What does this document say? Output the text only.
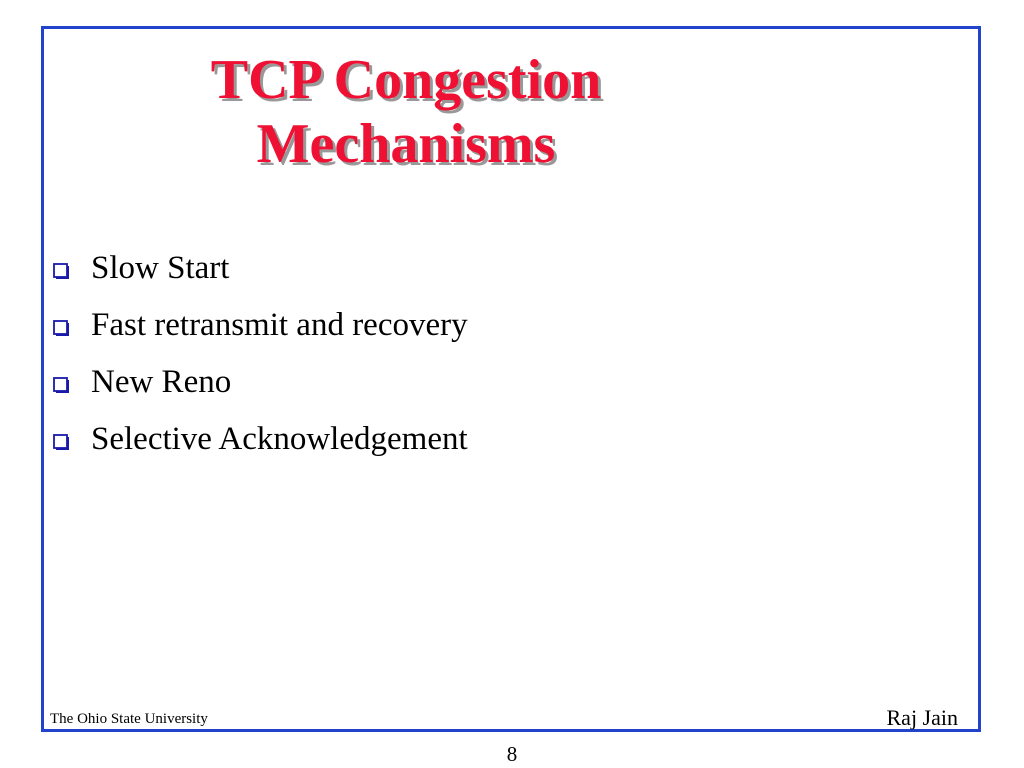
TCP Congestion
Mechanisms
Slow Start
Fast retransmit and recovery
New Reno
Selective Acknowledgement
The Ohio State University	Raj Jain
8
